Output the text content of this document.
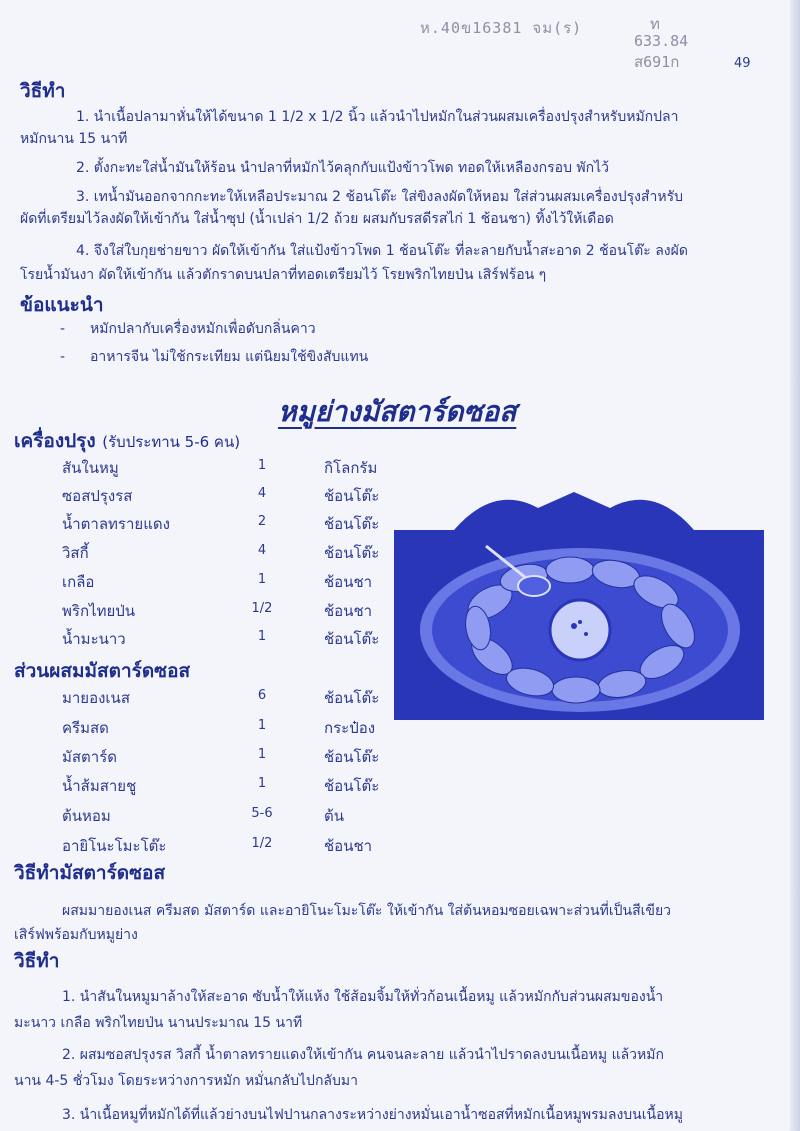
ห.40ข16381 จม(ร)	ท
633.84
ส691ก	49
วิธีทำ
1. นำเนื้อปลามาหั่นให้ได้ขนาด 1 1/2 x 1/2 นิ้ว แล้วนำไปหมักในส่วนผสมเครื่องปรุงสำหรับหมักปลา
หมักนาน 15 นาที
2. ตั้งกะทะใส่น้ำมันให้ร้อน นำปลาที่หมักไว้คลุกกับแป้งข้าวโพด ทอดให้เหลืองกรอบ พักไว้
3. เทน้ำมันออกจากกะทะให้เหลือประมาณ 2 ช้อนโต๊ะ ใส่ขิงลงผัดให้หอม ใส่ส่วนผสมเครื่องปรุงสำหรับ
ผัดที่เตรียมไว้ลงผัดให้เข้ากัน ใส่น้ำซุป (น้ำเปล่า 1/2 ถ้วย ผสมกับรสดีรสไก่ 1 ช้อนชา) ทิ้งไว้ให้เดือด
4. จึงใส่ใบกุยช่ายขาว ผัดให้เข้ากัน ใส่แป้งข้าวโพด 1 ช้อนโต๊ะ ที่ละลายกับน้ำสะอาด 2 ช้อนโต๊ะ ลงผัด
โรยน้ำมันงา ผัดให้เข้ากัน แล้วตักราดบนปลาที่ทอดเตรียมไว้ โรยพริกไทยป่น เสิร์ฟร้อน ๆ
ข้อแนะนำ
- หมักปลากับเครื่องหมักเพื่อดับกลิ่นคาว
- อาหารจีน ไม่ใช้กระเทียม แต่นิยมใช้ขิงสับแทน
หมูย่างมัสตาร์ดซอส
เครื่องปรุง (รับประทาน 5-6 คน)
สันในหมู	1	กิโลกรัม
ซอสปรุงรส	4	ช้อนโต๊ะ
น้ำตาลทรายแดง	2	ช้อนโต๊ะ
วิสกี้	4	ช้อนโต๊ะ
เกลือ	1	ช้อนชา
พริกไทยป่น	1/2	ช้อนชา
น้ำมะนาว	1	ช้อนโต๊ะ
ส่วนผสมมัสตาร์ดซอส
มายองเนส	6	ช้อนโต๊ะ
ครีมสด	1	กระป๋อง
มัสตาร์ด	1	ช้อนโต๊ะ
น้ำส้มสายชู	1	ช้อนโต๊ะ
ต้นหอม	5-6	ต้น
อายิโนะโมะโต๊ะ	1/2	ช้อนชา
วิธีทำมัสตาร์ดซอส
ผสมมายองเนส ครีมสด มัสตาร์ด และอายิโนะโมะโต๊ะ ให้เข้ากัน ใส่ต้นหอมซอยเฉพาะส่วนที่เป็นสีเขียว
เสิร์ฟพร้อมกับหมูย่าง
วิธีทำ
1. นำสันในหมูมาล้างให้สะอาด ซับน้ำให้แห้ง ใช้ส้อมจิ้มให้ทั่วก้อนเนื้อหมู แล้วหมักกับส่วนผสมของน้ำ
มะนาว เกลือ พริกไทยป่น นานประมาณ 15 นาที
2. ผสมซอสปรุงรส วิสกี้ น้ำตาลทรายแดงให้เข้ากัน คนจนละลาย แล้วนำไปราดลงบนเนื้อหมู แล้วหมัก
นาน 4-5 ชั่วโมง โดยระหว่างการหมัก หมั่นกลับไปกลับมา
3. นำเนื้อหมูที่หมักได้ที่แล้วย่างบนไฟปานกลางระหว่างย่างหมั่นเอาน้ำซอสที่หมักเนื้อหมูพรมลงบนเนื้อหมู
